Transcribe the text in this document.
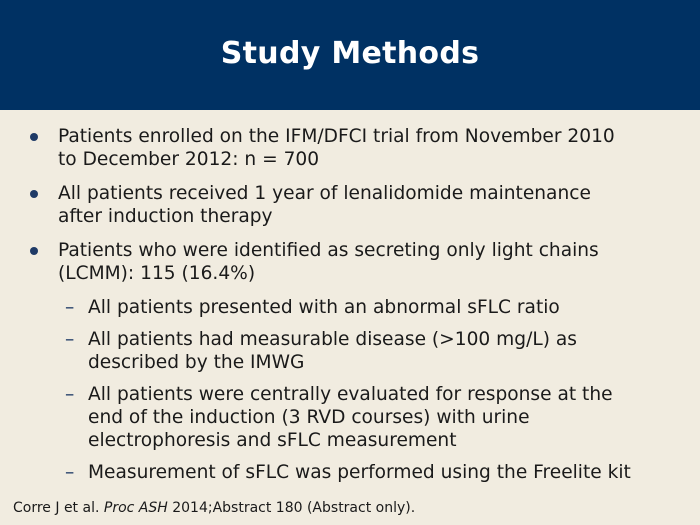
Study Methods
Patients enrolled on the IFM/DFCI trial from November 2010
to December 2012: n = 700
All patients received 1 year of lenalidomide maintenance
after induction therapy
Patients who were identified as secreting only light chains
(LCMM): 115 (16.4%)
– All patients presented with an abnormal sFLC ratio
– All patients had measurable disease (>100 mg/L) as
described by the IMWG
– All patients were centrally evaluated for response at the
end of the induction (3 RVD courses) with urine
electrophoresis and sFLC measurement
– Measurement of sFLC was performed using the Freelite kit
Corre J et al. Proc ASH 2014;Abstract 180 (Abstract only).
